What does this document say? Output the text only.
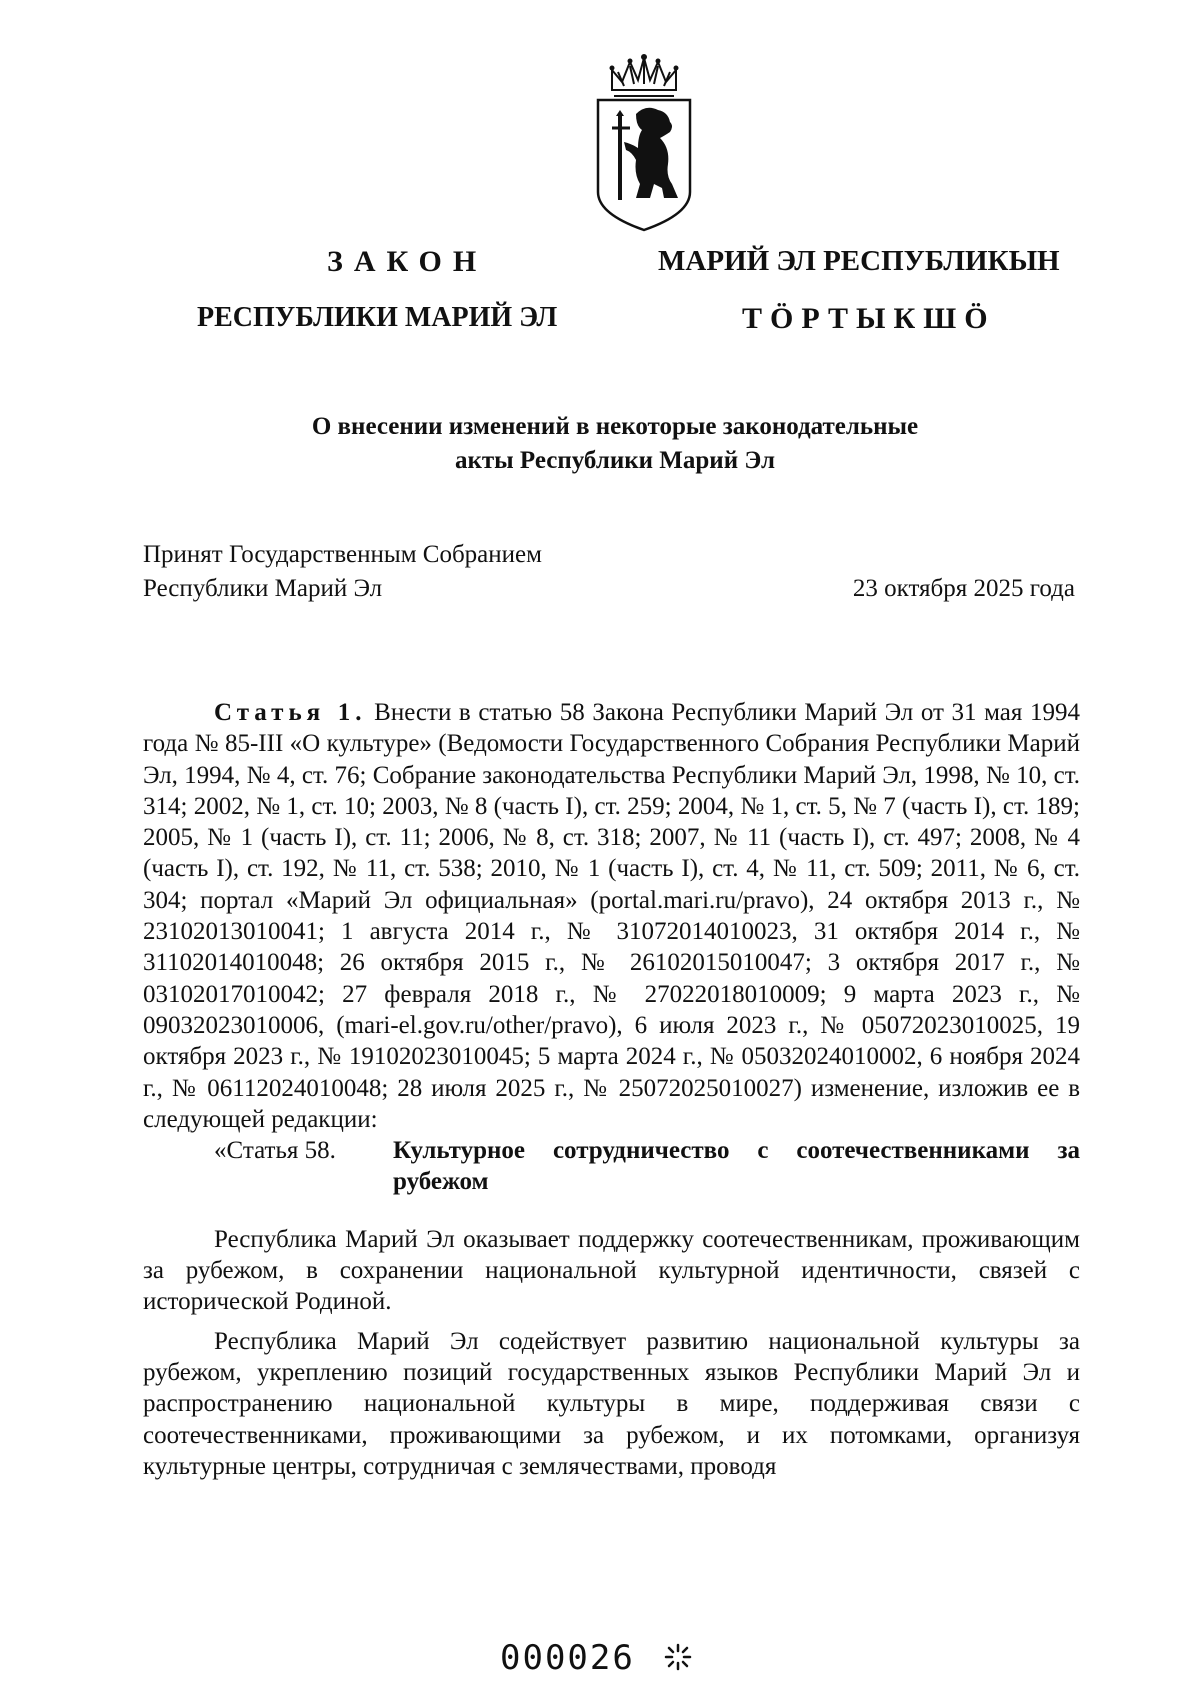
ЗАКОН
РЕСПУБЛИКИ МАРИЙ ЭЛ
МАРИЙ ЭЛ РЕСПУБЛИКЫН
ТӦРТЫКШӦ
О внесении изменений в некоторые законодательные
акты Республики Марий Эл
Принят Государственным Собранием
Республики Марий Эл	23 октября 2025 года

Статья 1. Внести в статью 58 Закона Республики Марий Эл от 31 мая 1994 года № 85-III «О культуре» (Ведомости Государственного Собрания Республики Марий Эл, 1994, № 4, ст. 76; Собрание законодательства Республики Марий Эл, 1998, № 10, ст. 314; 2002, № 1, ст. 10; 2003, № 8 (часть I), ст. 259; 2004, № 1, ст. 5, № 7 (часть I), ст. 189; 2005, № 1 (часть I), ст. 11; 2006, № 8, ст. 318; 2007, № 11 (часть I), ст. 497; 2008, № 4 (часть I), ст. 192, № 11, ст. 538; 2010, № 1 (часть I), ст. 4, № 11, ст. 509; 2011, № 6, ст. 304; портал «Марий Эл официальная» (portal.mari.ru/pravo), 24 октября 2013 г., № 23102013010041; 1 августа 2014 г., № 31072014010023, 31 октября 2014 г., № 31102014010048; 26 октября 2015 г., № 26102015010047; 3 октября 2017 г., № 03102017010042; 27 февраля 2018 г., № 27022018010009; 9 марта 2023 г., № 09032023010006, (mari-el.gov.ru/other/pravo), 6 июля 2023 г., № 05072023010025, 19 октября 2023 г., № 19102023010045; 5 марта 2024 г., № 05032024010002, 6 ноября 2024 г., № 06112024010048; 28 июля 2025 г., № 25072025010027) изменение, изложив ее в следующей редакции:

«Статья 58.	Культурное сотрудничество с соотечественниками за рубежом

Республика Марий Эл оказывает поддержку соотечественникам, проживающим за рубежом, в сохранении национальной культурной идентичности, связей с исторической Родиной.

Республика Марий Эл содействует развитию национальной культуры за рубежом, укреплению позиций государственных языков Республики Марий Эл и распространению национальной культуры в мире, поддерживая связи с соотечественниками, проживающими за рубежом, и их потомками, организуя культурные центры, сотрудничая с землячествами, проводя

000026
